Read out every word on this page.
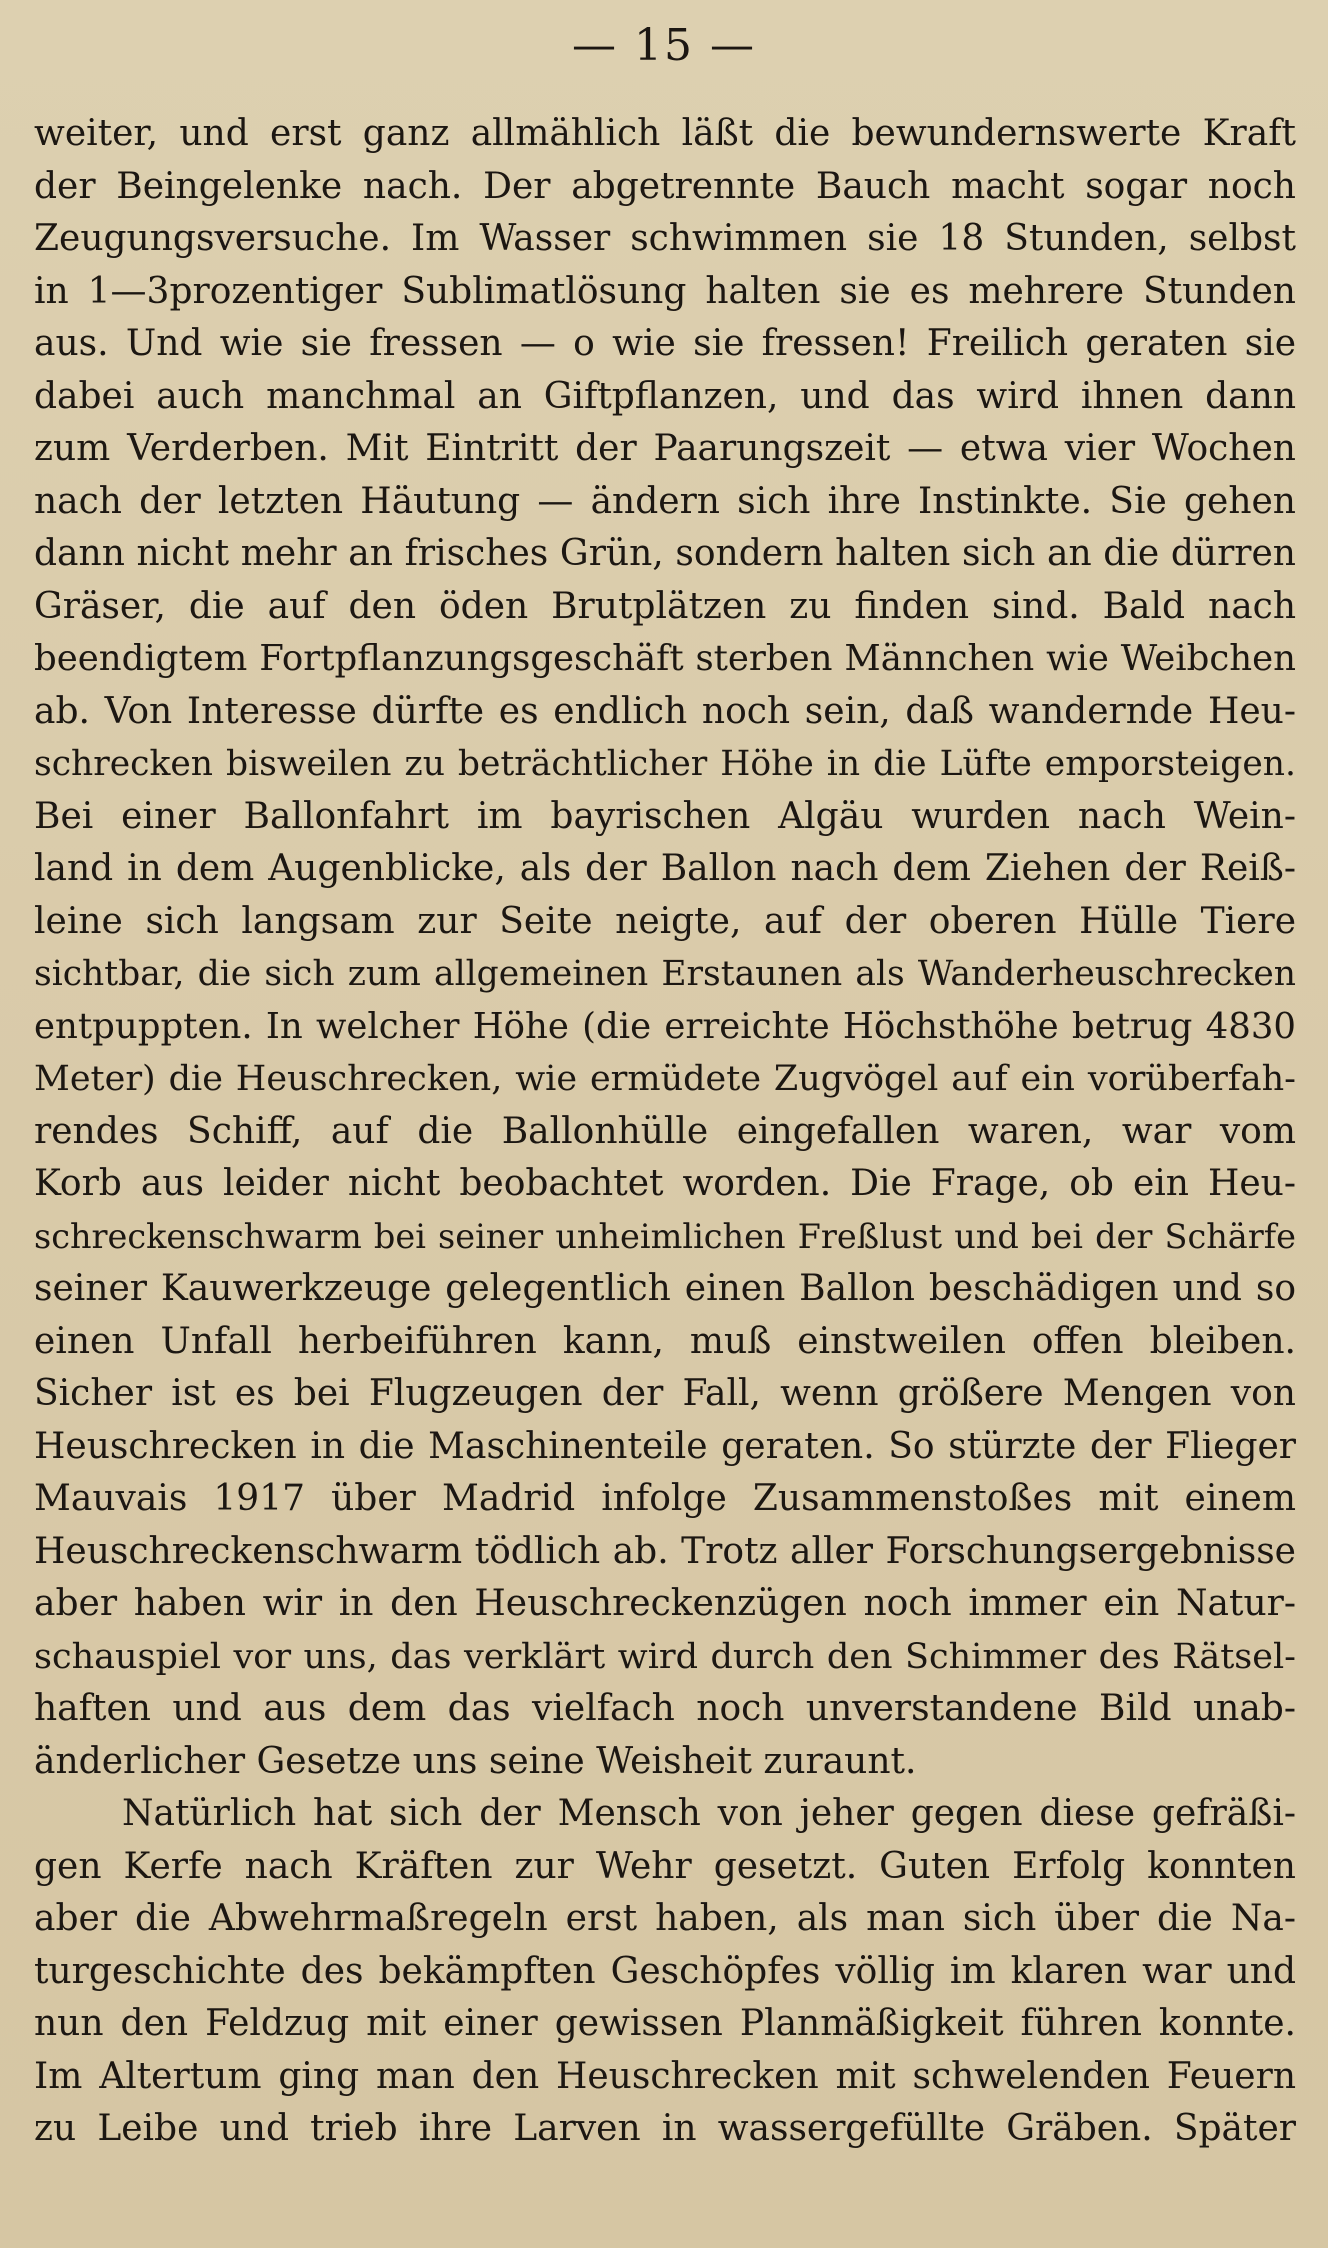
— 15 —
weiter, und erst ganz allmählich läßt die bewundernswerte Kraft
der Beingelenke nach. Der abgetrennte Bauch macht sogar noch
Zeugungsversuche. Im Wasser schwimmen sie 18 Stunden, selbst
in 1—3prozentiger Sublimatlösung halten sie es mehrere Stunden
aus. Und wie sie fressen — o wie sie fressen! Freilich geraten sie
dabei auch manchmal an Giftpflanzen, und das wird ihnen dann
zum Verderben. Mit Eintritt der Paarungszeit — etwa vier Wochen
nach der letzten Häutung — ändern sich ihre Instinkte. Sie gehen
dann nicht mehr an frisches Grün, sondern halten sich an die dürren
Gräser, die auf den öden Brutplätzen zu finden sind. Bald nach
beendigtem Fortpflanzungsgeschäft sterben Männchen wie Weibchen
ab. Von Interesse dürfte es endlich noch sein, daß wandernde Heu-
schrecken bisweilen zu beträchtlicher Höhe in die Lüfte emporsteigen.
Bei einer Ballonfahrt im bayrischen Algäu wurden nach Wein-
land in dem Augenblicke, als der Ballon nach dem Ziehen der Reiß-
leine sich langsam zur Seite neigte, auf der oberen Hülle Tiere
sichtbar, die sich zum allgemeinen Erstaunen als Wanderheuschrecken
entpuppten. In welcher Höhe (die erreichte Höchsthöhe betrug 4830
Meter) die Heuschrecken, wie ermüdete Zugvögel auf ein vorüberfah-
rendes Schiff, auf die Ballonhülle eingefallen waren, war vom
Korb aus leider nicht beobachtet worden. Die Frage, ob ein Heu-
schreckenschwarm bei seiner unheimlichen Freßlust und bei der Schärfe
seiner Kauwerkzeuge gelegentlich einen Ballon beschädigen und so
einen Unfall herbeiführen kann, muß einstweilen offen bleiben.
Sicher ist es bei Flugzeugen der Fall, wenn größere Mengen von
Heuschrecken in die Maschinenteile geraten. So stürzte der Flieger
Mauvais 1917 über Madrid infolge Zusammenstoßes mit einem
Heuschreckenschwarm tödlich ab. Trotz aller Forschungsergebnisse
aber haben wir in den Heuschreckenzügen noch immer ein Natur-
schauspiel vor uns, das verklärt wird durch den Schimmer des Rätsel-
haften und aus dem das vielfach noch unverstandene Bild unab-
änderlicher Gesetze uns seine Weisheit zuraunt.
Natürlich hat sich der Mensch von jeher gegen diese gefräßi-
gen Kerfe nach Kräften zur Wehr gesetzt. Guten Erfolg konnten
aber die Abwehrmaßregeln erst haben, als man sich über die Na-
turgeschichte des bekämpften Geschöpfes völlig im klaren war und
nun den Feldzug mit einer gewissen Planmäßigkeit führen konnte.
Im Altertum ging man den Heuschrecken mit schwelenden Feuern
zu Leibe und trieb ihre Larven in wassergefüllte Gräben. Später
